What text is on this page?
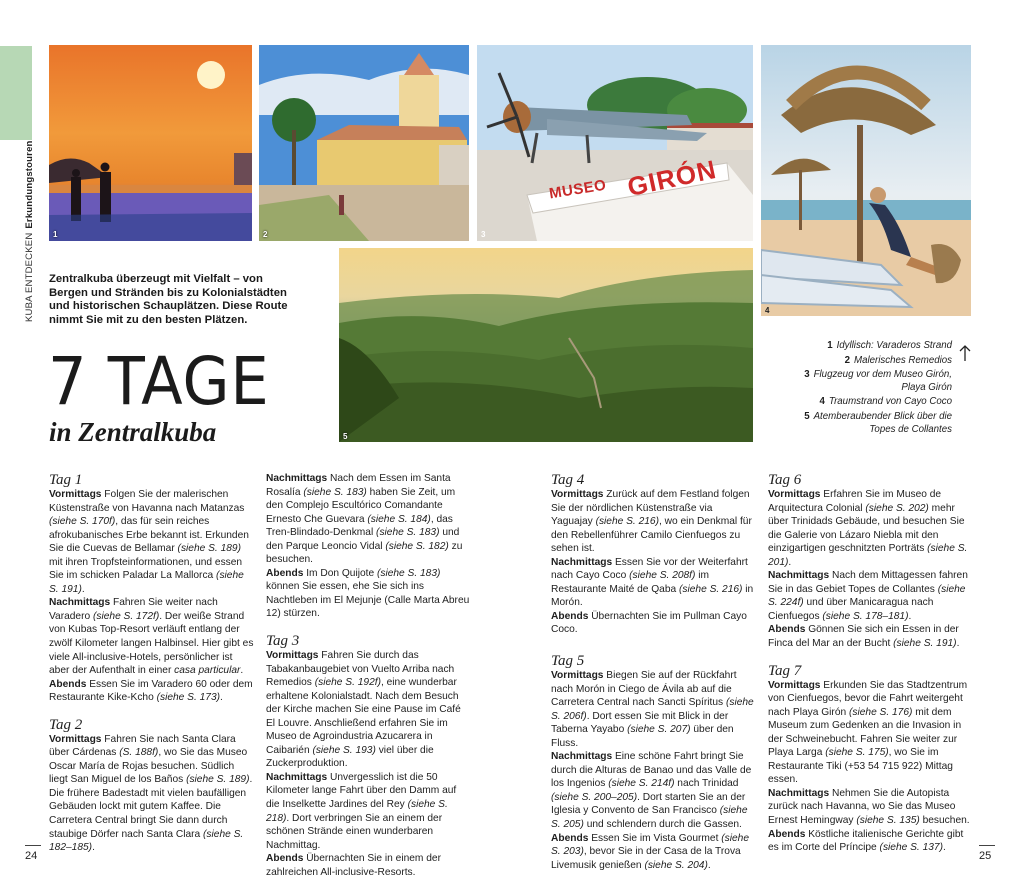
KUBA ENTDECKENErkundungstouren
1	2
MUSEO GIRÓN
3
4
5

Zentralkuba überzeugt mit Vielfalt – von Bergen und Stränden bis zu Kolonialstädten und historischen Schauplätzen. Diese Route nimmt Sie mit zu den besten Plätzen.

7 TAGE
in Zentralkuba
1 Idyllisch: Varaderos Strand
2 Malerisches Remedios
3 Flugzeug vor dem Museo Girón, Playa Girón
4 Traumstrand von Cayo Coco
5 Atemberaubender Blick über die Topes de Collantes
Tag 1

Vormittags Folgen Sie der malerischen Küstenstraße von Havanna nach Matanzas (siehe S. 170f), das für sein reiches afrokubanisches Erbe bekannt ist. Erkunden Sie die Cuevas de Bellamar (siehe S. 189) mit ihren Tropfsteinformationen, und essen Sie im schicken Paladar La Mallorca (siehe S. 191).

Nachmittags Fahren Sie weiter nach Varadero (siehe S. 172f). Der weiße Strand von Kubas Top-Resort verläuft entlang der zwölf Kilometer langen Halbinsel. Hier gibt es viele All-inclusive-Hotels, persönlicher ist aber der Aufenthalt in einer casa particular.

Abends Essen Sie im Varadero 60 oder dem Restaurante Kike-Kcho (siehe S. 173).

Tag 2

Vormittags Fahren Sie nach Santa Clara über Cárdenas (S. 188f), wo Sie das Museo Oscar María de Rojas besuchen. Südlich liegt San Miguel de los Baños (siehe S. 189). Die frühere Badestadt mit vielen baufälligen Gebäuden lockt mit gutem Kaffee. Die Carretera Central bringt Sie dann durch staubige Dörfer nach Santa Clara (siehe S. 182–185).

Nachmittags Nach dem Essen im Santa Rosalía (siehe S. 183) haben Sie Zeit, um den Complejo Escultórico Comandante Ernesto Che Guevara (siehe S. 184), das Tren-Blindado-Denkmal (siehe S. 183) und den Parque Leoncio Vidal (siehe S. 182) zu besuchen.

Abends Im Don Quijote (siehe S. 183) können Sie essen, ehe Sie sich ins Nachtleben im El Mejunje (Calle Marta Abreu 12) stürzen.

Tag 3

Vormittags Fahren Sie durch das Tabakanbaugebiet von Vuelto Arriba nach Remedios (siehe S. 192f), eine wunderbar erhaltene Kolonialstadt. Nach dem Besuch der Kirche machen Sie eine Pause im Café El Louvre. Anschließend erfahren Sie im Museo de Agroindustria Azucarera in Caibarién (siehe S. 193) viel über die Zuckerproduktion.

Nachmittags Unvergesslich ist die 50 Kilometer lange Fahrt über den Damm auf die Inselkette Jardines del Rey (siehe S. 218). Dort verbringen Sie an einem der schönen Strände einen wunderbaren Nachmittag.

Abends Übernachten Sie in einem der zahlreichen All-inclusive-Resorts.

Tag 4

Vormittags Zurück auf dem Festland folgen Sie der nördlichen Küstenstraße via Yaguajay (siehe S. 216), wo ein Denkmal für den Rebellenführer Camilo Cienfuegos zu sehen ist.

Nachmittags Essen Sie vor der Weiterfahrt nach Cayo Coco (siehe S. 208f) im Restaurante Maité de Qaba (siehe S. 216) in Morón.

Abends Übernachten Sie im Pullman Cayo Coco.

Tag 5

Vormittags Biegen Sie auf der Rückfahrt nach Morón in Ciego de Ávila ab auf die Carretera Central nach Sancti Spíritus (siehe S. 206f). Dort essen Sie mit Blick in der Taberna Yayabo (siehe S. 207) über den Fluss.

Nachmittags Eine schöne Fahrt bringt Sie durch die Alturas de Banao und das Valle de los Ingenios (siehe S. 214f) nach Trinidad (siehe S. 200–205). Dort starten Sie an der Iglesia y Convento de San Francisco (siehe S. 205) und schlendern durch die Gassen.

Abends Essen Sie im Vista Gourmet (siehe S. 203), bevor Sie in der Casa de la Trova Livemusik genießen (siehe S. 204).

Tag 6

Vormittags Erfahren Sie im Museo de Arquitectura Colonial (siehe S. 202) mehr über Trinidads Gebäude, und besuchen Sie die Galerie von Lázaro Niebla mit den einzigartigen geschnitzten Porträts (siehe S. 201).

Nachmittags Nach dem Mittagessen fahren Sie in das Gebiet Topes de Collantes (siehe S. 224f) und über Manicaragua nach Cienfuegos (siehe S. 178–181).

Abends Gönnen Sie sich ein Essen in der Finca del Mar an der Bucht (siehe S. 191).

Tag 7

Vormittags Erkunden Sie das Stadtzentrum von Cienfuegos, bevor die Fahrt weitergeht nach Playa Girón (siehe S. 176) mit dem Museum zum Gedenken an die Invasion in der Schweinebucht. Fahren Sie weiter zur Playa Larga (siehe S. 175), wo Sie im Restaurante Tiki (+53 54 715 922) Mittag essen.

Nachmittags Nehmen Sie die Autopista zurück nach Havanna, wo Sie das Museo Ernest Hemingway (siehe S. 135) besuchen.

Abends Köstliche italienische Gerichte gibt es im Corte del Príncipe (siehe S. 137).

24	25
